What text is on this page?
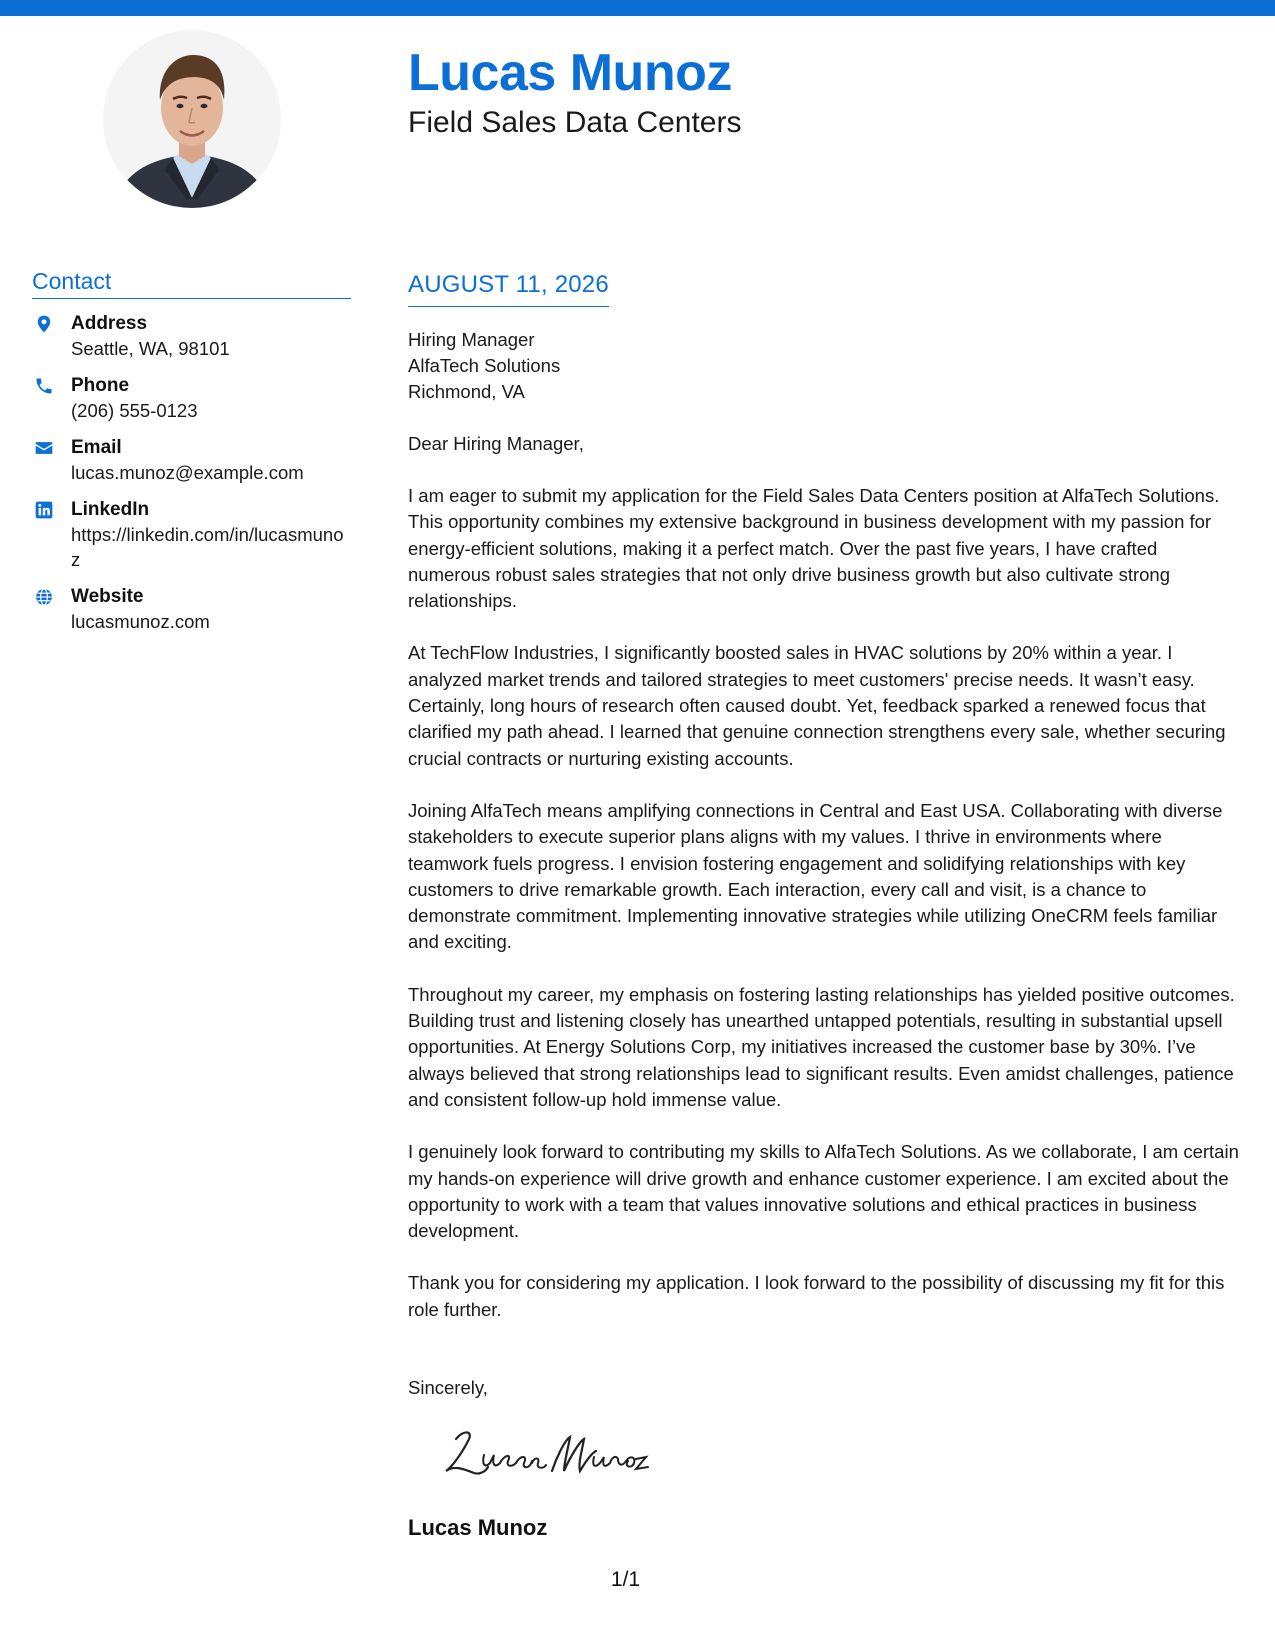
Lucas Munoz
Field Sales Data Centers
Contact
Address
Seattle, WA, 98101
Phone
(206) 555-0123
Email
lucas.munoz@example.com
LinkedIn
https://linkedin.com/in/lucasmunoz
Website
lucasmunoz.com
AUGUST 11, 2026
Hiring Manager
AlfaTech Solutions
Richmond, VA

Dear Hiring Manager,

I am eager to submit my application for the Field Sales Data Centers position at AlfaTech Solutions. This opportunity combines my extensive background in business development with my passion for energy-efficient solutions, making it a perfect match. Over the past five years, I have crafted numerous robust sales strategies that not only drive business growth but also cultivate strong relationships.

At TechFlow Industries, I significantly boosted sales in HVAC solutions by 20% within a year. I analyzed market trends and tailored strategies to meet customers' precise needs. It wasn’t easy. Certainly, long hours of research often caused doubt. Yet, feedback sparked a renewed focus that clarified my path ahead. I learned that genuine connection strengthens every sale, whether securing crucial contracts or nurturing existing accounts.

Joining AlfaTech means amplifying connections in Central and East USA. Collaborating with diverse stakeholders to execute superior plans aligns with my values. I thrive in environments where teamwork fuels progress. I envision fostering engagement and solidifying relationships with key customers to drive remarkable growth. Each interaction, every call and visit, is a chance to demonstrate commitment. Implementing innovative strategies while utilizing OneCRM feels familiar and exciting.

Throughout my career, my emphasis on fostering lasting relationships has yielded positive outcomes. Building trust and listening closely has unearthed untapped potentials, resulting in substantial upsell opportunities. At Energy Solutions Corp, my initiatives increased the customer base by 30%. I’ve always believed that strong relationships lead to significant results. Even amidst challenges, patience and consistent follow-up hold immense value.

I genuinely look forward to contributing my skills to AlfaTech Solutions. As we collaborate, I am certain my hands-on experience will drive growth and enhance customer experience. I am excited about the opportunity to work with a team that values innovative solutions and ethical practices in business development.

Thank you for considering my application. I look forward to the possibility of discussing my fit for this role further.

Sincerely,

Lucas Munoz
1/1
